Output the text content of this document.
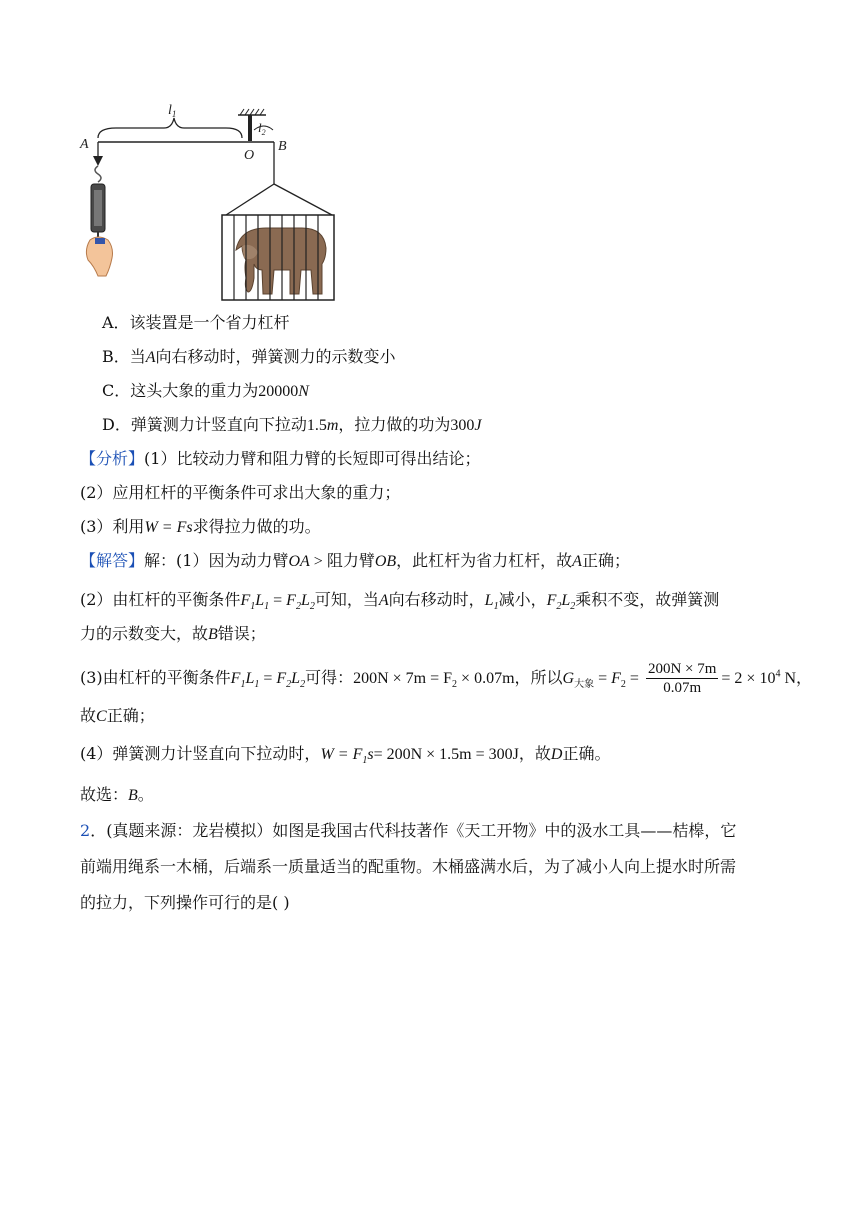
$l_1$
$l_2$
A
O
B
A．该装置是一个省力杠杆
B．当A向右移动时，弹簧测力的示数变小
C．这头大象的重力为20000N
D．弹簧测力计竖直向下拉动1.5m，拉力做的功为300J
【分析】(1）比较动力臂和阻力臂的长短即可得出结论；
(2）应用杠杆的平衡条件可求出大象的重力；
(3）利用W = Fs求得拉力做的功。
【解答】解：(1）因为动力臂OA > 阻力臂OB，此杠杆为省力杠杆，故A正确；
(2）由杠杆的平衡条件$F_1L_1 = F_2L_2$可知，当A向右移动时，$L_1$减小，$F_2L_2$乘积不变，故弹簧测
力的示数变大，故B错误；
(3)由杠杆的平衡条件$F_1L_1 = F_2L_2$可得：$200N \times 7m = F_2 \times 0.07m$，所以$G_{大象} = F_2 = \frac{200N \times 7m}{0.07m} = 2 \times 10^4$ N，
故C正确；
(4）弹簧测力计竖直向下拉动时，$W = F_1s= 200N \times 1.5m = 300J$，故D正确。
故选：B。
2．(真题来源：龙岩模拟）如图是我国古代科技著作《天工开物》中的汲水工具——桔槔，它
前端用绳系一木桶，后端系一质量适当的配重物。木桶盛满水后，为了减小人向上提水时所需
的拉力，下列操作可行的是( )
